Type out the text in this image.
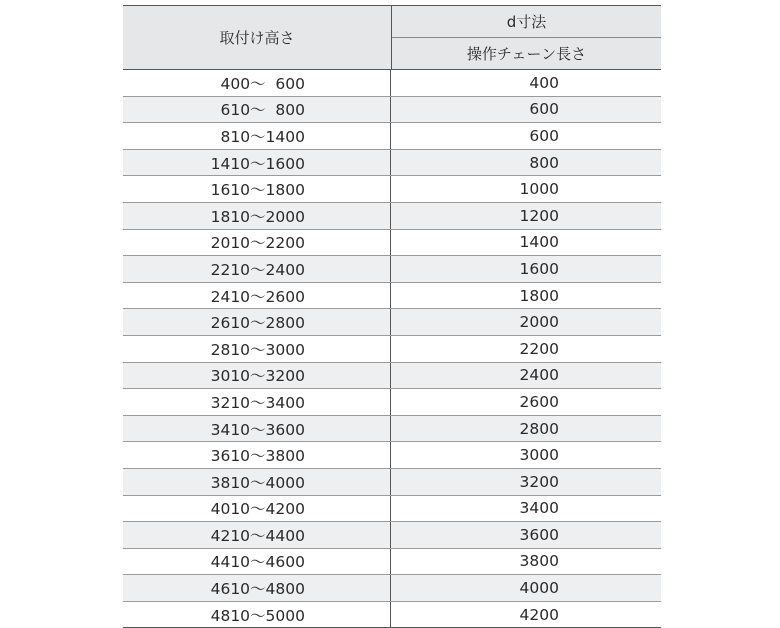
取付け高さ
d寸法
操作チェーン長さ
400～  600	400
610～  800	600
810～1400	600
1410～1600	800
1610～1800	1000
1810～2000	1200
2010～2200	1400
2210～2400	1600
2410～2600	1800
2610～2800	2000
2810～3000	2200
3010～3200	2400
3210～3400	2600
3410～3600	2800
3610～3800	3000
3810～4000	3200
4010～4200	3400
4210～4400	3600
4410～4600	3800
4610～4800	4000
4810～5000	4200
